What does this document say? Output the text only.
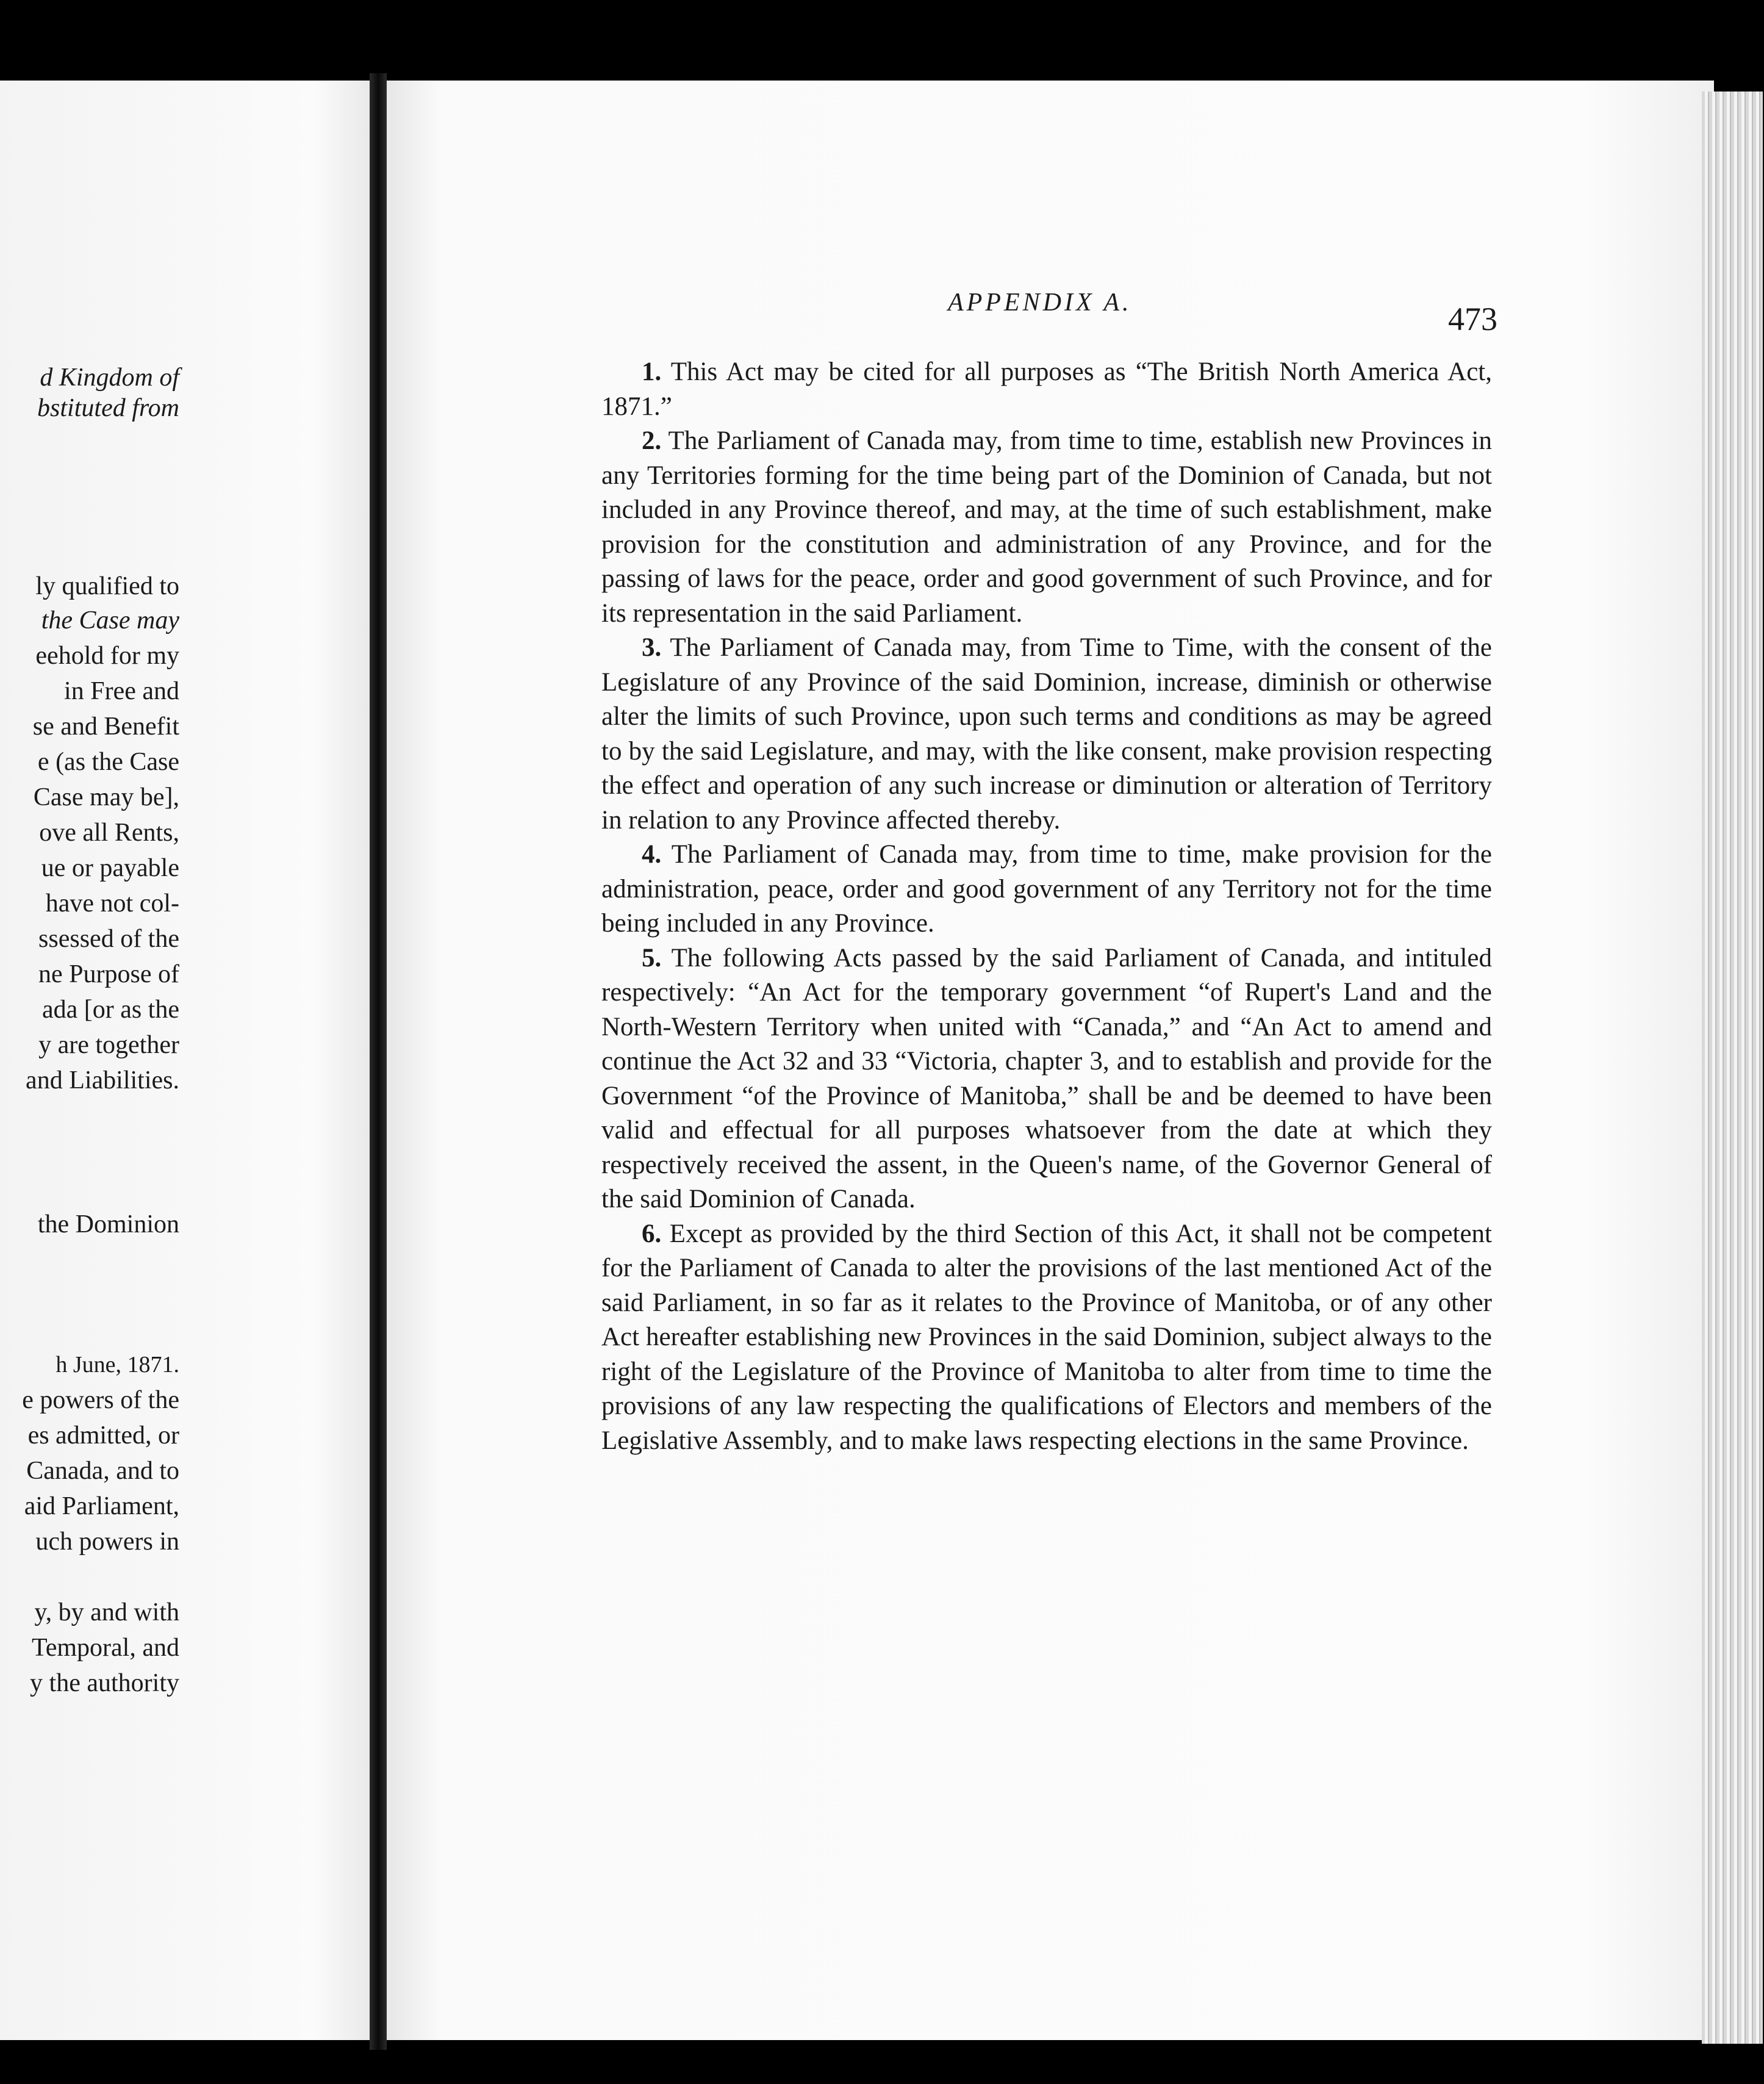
d Kingdom of
bstituted from
ly qualified to
the Case may
eehold for my
in Free and
se and Benefit
e (as the Case
Case may be],
ove all Rents,
ue or payable
have not col-
ssessed of the
ne Purpose of
ada [or as the
y are together
and Liabilities.
the Dominion
h June, 1871.
e powers of the
es admitted, or
Canada, and to
aid Parliament,
uch powers in
y, by and with
Temporal, and
y the authority
APPENDIX A.	473

1. This Act may be cited for all purposes as “The British North America Act, 1871.”

2. The Parliament of Canada may, from time to time, establish new Provinces in any Territories forming for the time being part of the Dominion of Canada, but not included in any Province thereof, and may, at the time of such establishment, make provision for the constitution and administration of any Province, and for the passing of laws for the peace, order and good government of such Province, and for its representation in the said Parliament.

3. The Parliament of Canada may, from Time to Time, with the consent of the Legislature of any Province of the said Dominion, increase, diminish or otherwise alter the limits of such Province, upon such terms and conditions as may be agreed to by the said Legislature, and may, with the like consent, make provision respecting the effect and operation of any such increase or diminution or alteration of Territory in relation to any Province affected thereby.

4. The Parliament of Canada may, from time to time, make provision for the administration, peace, order and good government of any Territory not for the time being included in any Province.

5. The following Acts passed by the said Parliament of Canada, and intituled respectively: “An Act for the temporary government “of Rupert's Land and the North-Western Territory when united with “Canada,” and “An Act to amend and continue the Act 32 and 33 “Victoria, chapter 3, and to establish and provide for the Government “of the Province of Manitoba,” shall be and be deemed to have been valid and effectual for all purposes whatsoever from the date at which they respectively received the assent, in the Queen's name, of the Governor General of the said Dominion of Canada.

6. Except as provided by the third Section of this Act, it shall not be competent for the Parliament of Canada to alter the provisions of the last mentioned Act of the said Parliament, in so far as it relates to the Province of Manitoba, or of any other Act hereafter establishing new Provinces in the said Dominion, subject always to the right of the Legislature of the Province of Manitoba to alter from time to time the provisions of any law respecting the qualifications of Electors and members of the Legislative Assembly, and to make laws respecting elections in the same Province.
